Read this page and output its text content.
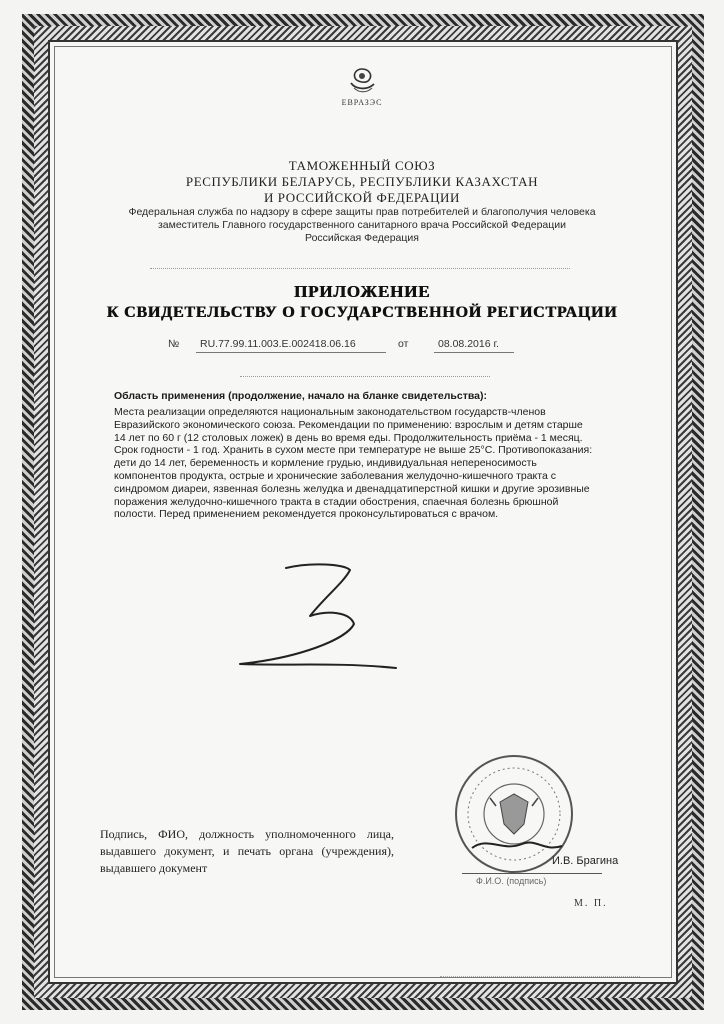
ЕВРАЗЭС
ТАМОЖЕННЫЙ СОЮЗ
РЕСПУБЛИКИ БЕЛАРУСЬ, РЕСПУБЛИКИ КАЗАХСТАН
И РОССИЙСКОЙ ФЕДЕРАЦИИ
Федеральная служба по надзору в сфере защиты прав потребителей и благополучия человека
заместитель Главного государственного санитарного врача Российской Федерации
Российская Федерация
ПРИЛОЖЕНИЕ
К СВИДЕТЕЛЬСТВУ О ГОСУДАРСТВЕННОЙ РЕГИСТРАЦИИ
№ RU.77.99.11.003.E.002418.06.16	от	08.08.2016 г.
Область применения (продолжение, начало на бланке свидетельства):

Места реализации определяются национальным законодательством государств-членов
Евразийского экономического союза. Рекомендации по применению: взрослым и детям старше
14 лет по 60 г (12 столовых ложек) в день во время еды. Продолжительность приёма - 1 месяц.
Срок годности - 1 год. Хранить в сухом месте при температуре не выше 25°С. Противопоказания:
дети до 14 лет, беременность и кормление грудью, индивидуальная непереносимость
компонентов продукта, острые и хронические заболевания желудочно-кишечного тракта с
синдромом диареи, язвенная болезнь желудка и двенадцатиперстной кишки и другие эрозивные
поражения желудочно-кишечного тракта в стадии обострения, спаечная болезнь брюшной
полости. Перед применением рекомендуется проконсультироваться с врачом.

Подпись, ФИО, должность уполномоченного лица, выдавшего документ, и печать органа (учреждения), выдавшего документ	И.В. Брагина
Ф.И.О. (подпись)
М. П.
